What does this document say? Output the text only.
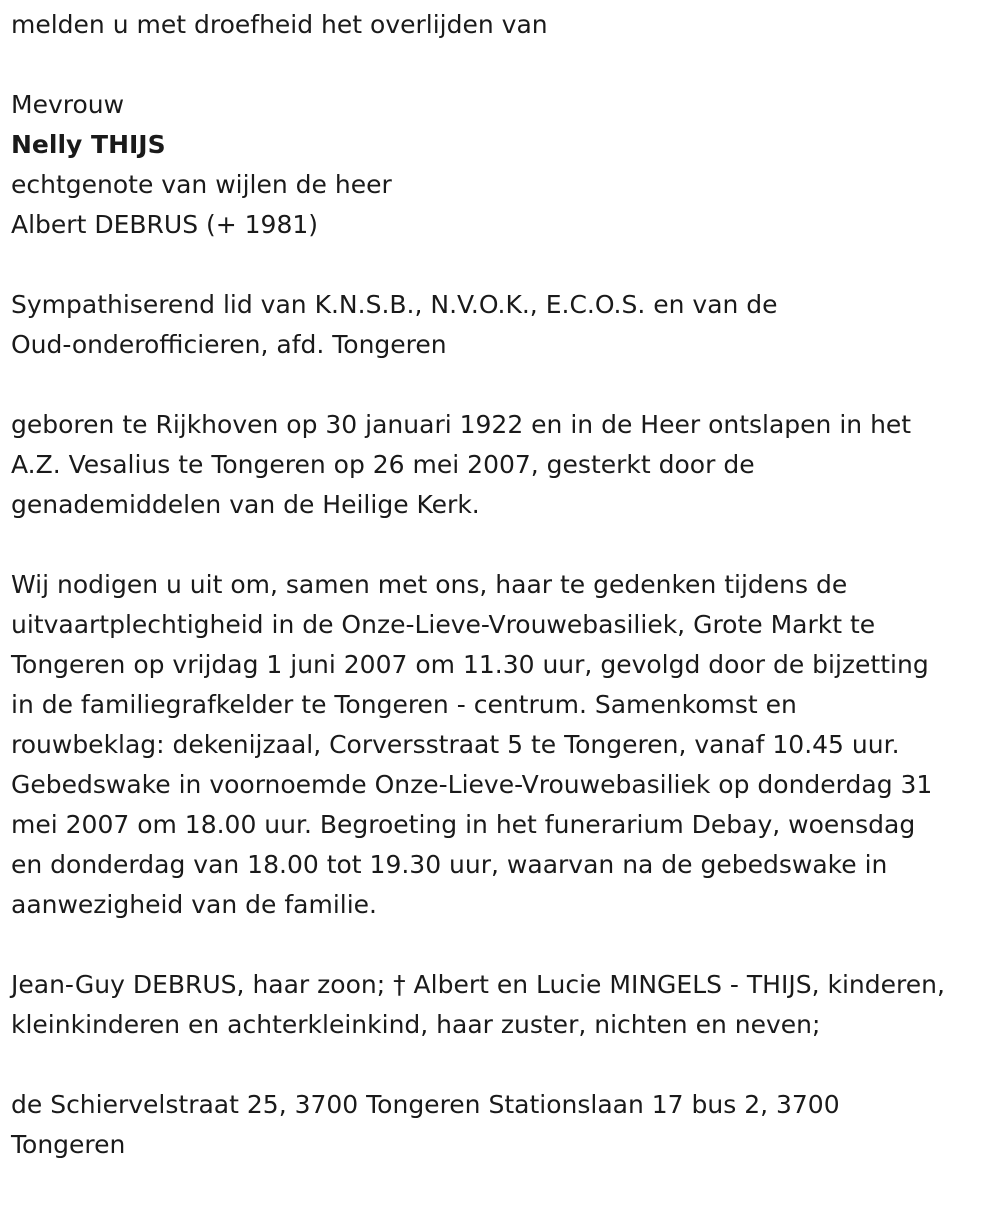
melden u met droefheid het overlijden van

Mevrouw

Nelly THIJS

echtgenote van wijlen de heer

Albert DEBRUS (+ 1981)

Sympathiserend lid van K.N.S.B., N.V.O.K., E.C.O.S. en van de

Oud-onderofficieren, afd. Tongeren

geboren te Rijkhoven op 30 januari 1922 en in de Heer ontslapen in het

A.Z. Vesalius te Tongeren op 26 mei 2007, gesterkt door de

genademiddelen van de Heilige Kerk.

Wij nodigen u uit om, samen met ons, haar te gedenken tijdens de

uitvaartplechtigheid in de Onze-Lieve-Vrouwebasiliek, Grote Markt te

Tongeren op vrijdag 1 juni 2007 om 11.30 uur, gevolgd door de bijzetting

in de familiegrafkelder te Tongeren - centrum. Samenkomst en

rouwbeklag: dekenijzaal, Corversstraat 5 te Tongeren, vanaf 10.45 uur.

Gebedswake in voornoemde Onze-Lieve-Vrouwebasiliek op donderdag 31

mei 2007 om 18.00 uur. Begroeting in het funerarium Debay, woensdag

en donderdag van 18.00 tot 19.30 uur, waarvan na de gebedswake in

aanwezigheid van de familie.

Jean-Guy DEBRUS, haar zoon; † Albert en Lucie MINGELS - THIJS, kinderen,

kleinkinderen en achterkleinkind, haar zuster, nichten en neven;

de Schiervelstraat 25, 3700 Tongeren Stationslaan 17 bus 2, 3700

Tongeren
